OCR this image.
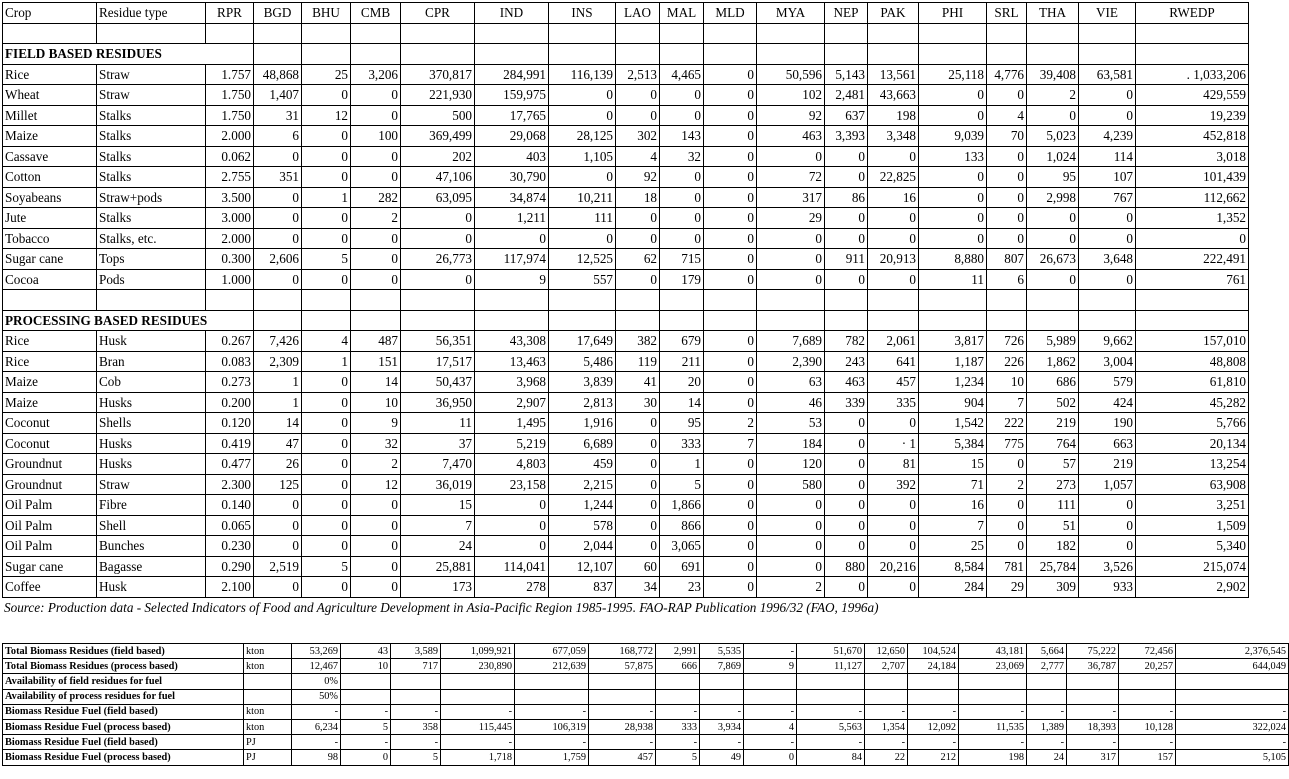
Crop	Residue type	RPR	BGD	BHU	CMB	CPR	IND	INS	LAO	MAL	MLD	MYA	NEP	PAK	PHI	SRL	THA	VIE	RWEDP

FIELD BASED RESIDUES																			
Rice	Straw	1.757	48,868	25	3,206	370,817	284,991	116,139	2,513	4,465	0	50,596	5,143	13,561	25,118	4,776	39,408	63,581	. 1,033,206
Wheat	Straw	1.750	1,407	0	0	221,930	159,975	0	0	0	0	102	2,481	43,663	0	0	2	0	429,559
Millet	Stalks	1.750	31	12	0	500	17,765	0	0	0	0	92	637	198	0	4	0	0	19,239
Maize	Stalks	2.000	6	0	100	369,499	29,068	28,125	302	143	0	463	3,393	3,348	9,039	70	5,023	4,239	452,818
Cassave	Stalks	0.062	0	0	0	202	403	1,105	4	32	0	0	0	0	133	0	1,024	114	3,018
Cotton	Stalks	2.755	351	0	0	47,106	30,790	0	92	0	0	72	0	22,825	0	0	95	107	101,439
Soyabeans	Straw+pods	3.500	0	1	282	63,095	34,874	10,211	18	0	0	317	86	16	0	0	2,998	767	112,662
Jute	Stalks	3.000	0	0	2	0	1,211	111	0	0	0	29	0	0	0	0	0	0	1,352
Tobacco	Stalks, etc.	2.000	0	0	0	0	0	0	0	0	0	0	0	0	0	0	0	0	0
Sugar cane	Tops	0.300	2,606	5	0	26,773	117,974	12,525	62	715	0	0	911	20,913	8,880	807	26,673	3,648	222,491
Cocoa	Pods	1.000	0	0	0	0	9	557	0	179	0	0	0	0	11	6	0	0	761

PROCESSING BASED RESIDUES																			
Rice	Husk	0.267	7,426	4	487	56,351	43,308	17,649	382	679	0	7,689	782	2,061	3,817	726	5,989	9,662	157,010
Rice	Bran	0.083	2,309	1	151	17,517	13,463	5,486	119	211	0	2,390	243	641	1,187	226	1,862	3,004	48,808
Maize	Cob	0.273	1	0	14	50,437	3,968	3,839	41	20	0	63	463	457	1,234	10	686	579	61,810
Maize	Husks	0.200	1	0	10	36,950	2,907	2,813	30	14	0	46	339	335	904	7	502	424	45,282
Coconut	Shells	0.120	14	0	9	11	1,495	1,916	0	95	2	53	0	0	1,542	222	219	190	5,766
Coconut	Husks	0.419	47	0	32	37	5,219	6,689	0	333	7	184	0	· 1	5,384	775	764	663	20,134
Groundnut	Husks	0.477	26	0	2	7,470	4,803	459	0	1	0	120	0	81	15	0	57	219	13,254
Groundnut	Straw	2.300	125	0	12	36,019	23,158	2,215	0	5	0	580	0	392	71	2	273	1,057	63,908
Oil Palm	Fibre	0.140	0	0	0	15	0	1,244	0	1,866	0	0	0	0	16	0	111	0	3,251
Oil Palm	Shell	0.065	0	0	0	7	0	578	0	866	0	0	0	0	7	0	51	0	1,509
Oil Palm	Bunches	0.230	0	0	0	24	0	2,044	0	3,065	0	0	0	0	25	0	182	0	5,340
Sugar cane	Bagasse	0.290	2,519	5	0	25,881	114,041	12,107	60	691	0	0	880	20,216	8,584	781	25,784	3,526	215,074
Coffee	Husk	2.100	0	0	0	173	278	837	34	23	0	2	0	0	284	29	309	933	2,902
Source: Production data - Selected Indicators of Food and Agriculture Development in Asia-Pacific Region 1985-1995. FAO-RAP Publication 1996/32 (FAO, 1996a)
Total Biomass Residues (field based)	kton	53,269	43	3,589	1,099,921	677,059	168,772	2,991	5,535	-	51,670	12,650	104,524	43,181	5,664	75,222	72,456	2,376,545
Total Biomass Residues (process based)	kton	12,467	10	717	230,890	212,639	57,875	666	7,869	9	11,127	2,707	24,184	23,069	2,777	36,787	20,257	644,049
Availability of field residues for fuel		0%																
Availability of process residues for fuel		50%																
Biomass Residue Fuel (field based)	kton	-	-	-	-	-	-	-	-	-	-	-	-	-	-	-	-	-
Biomass Residue Fuel (process based)	kton	6,234	5	358	115,445	106,319	28,938	333	3,934	4	5,563	1,354	12,092	11,535	1,389	18,393	10,128	322,024
Biomass Residue Fuel (field based)	PJ	-	-	-	-	-	-	-	-	-	-	-	-	-	-	-	-	-
Biomass Residue Fuel (process based)	PJ	98	0	5	1,718	1,759	457	5	49	0	84	22	212	198	24	317	157	5,105
